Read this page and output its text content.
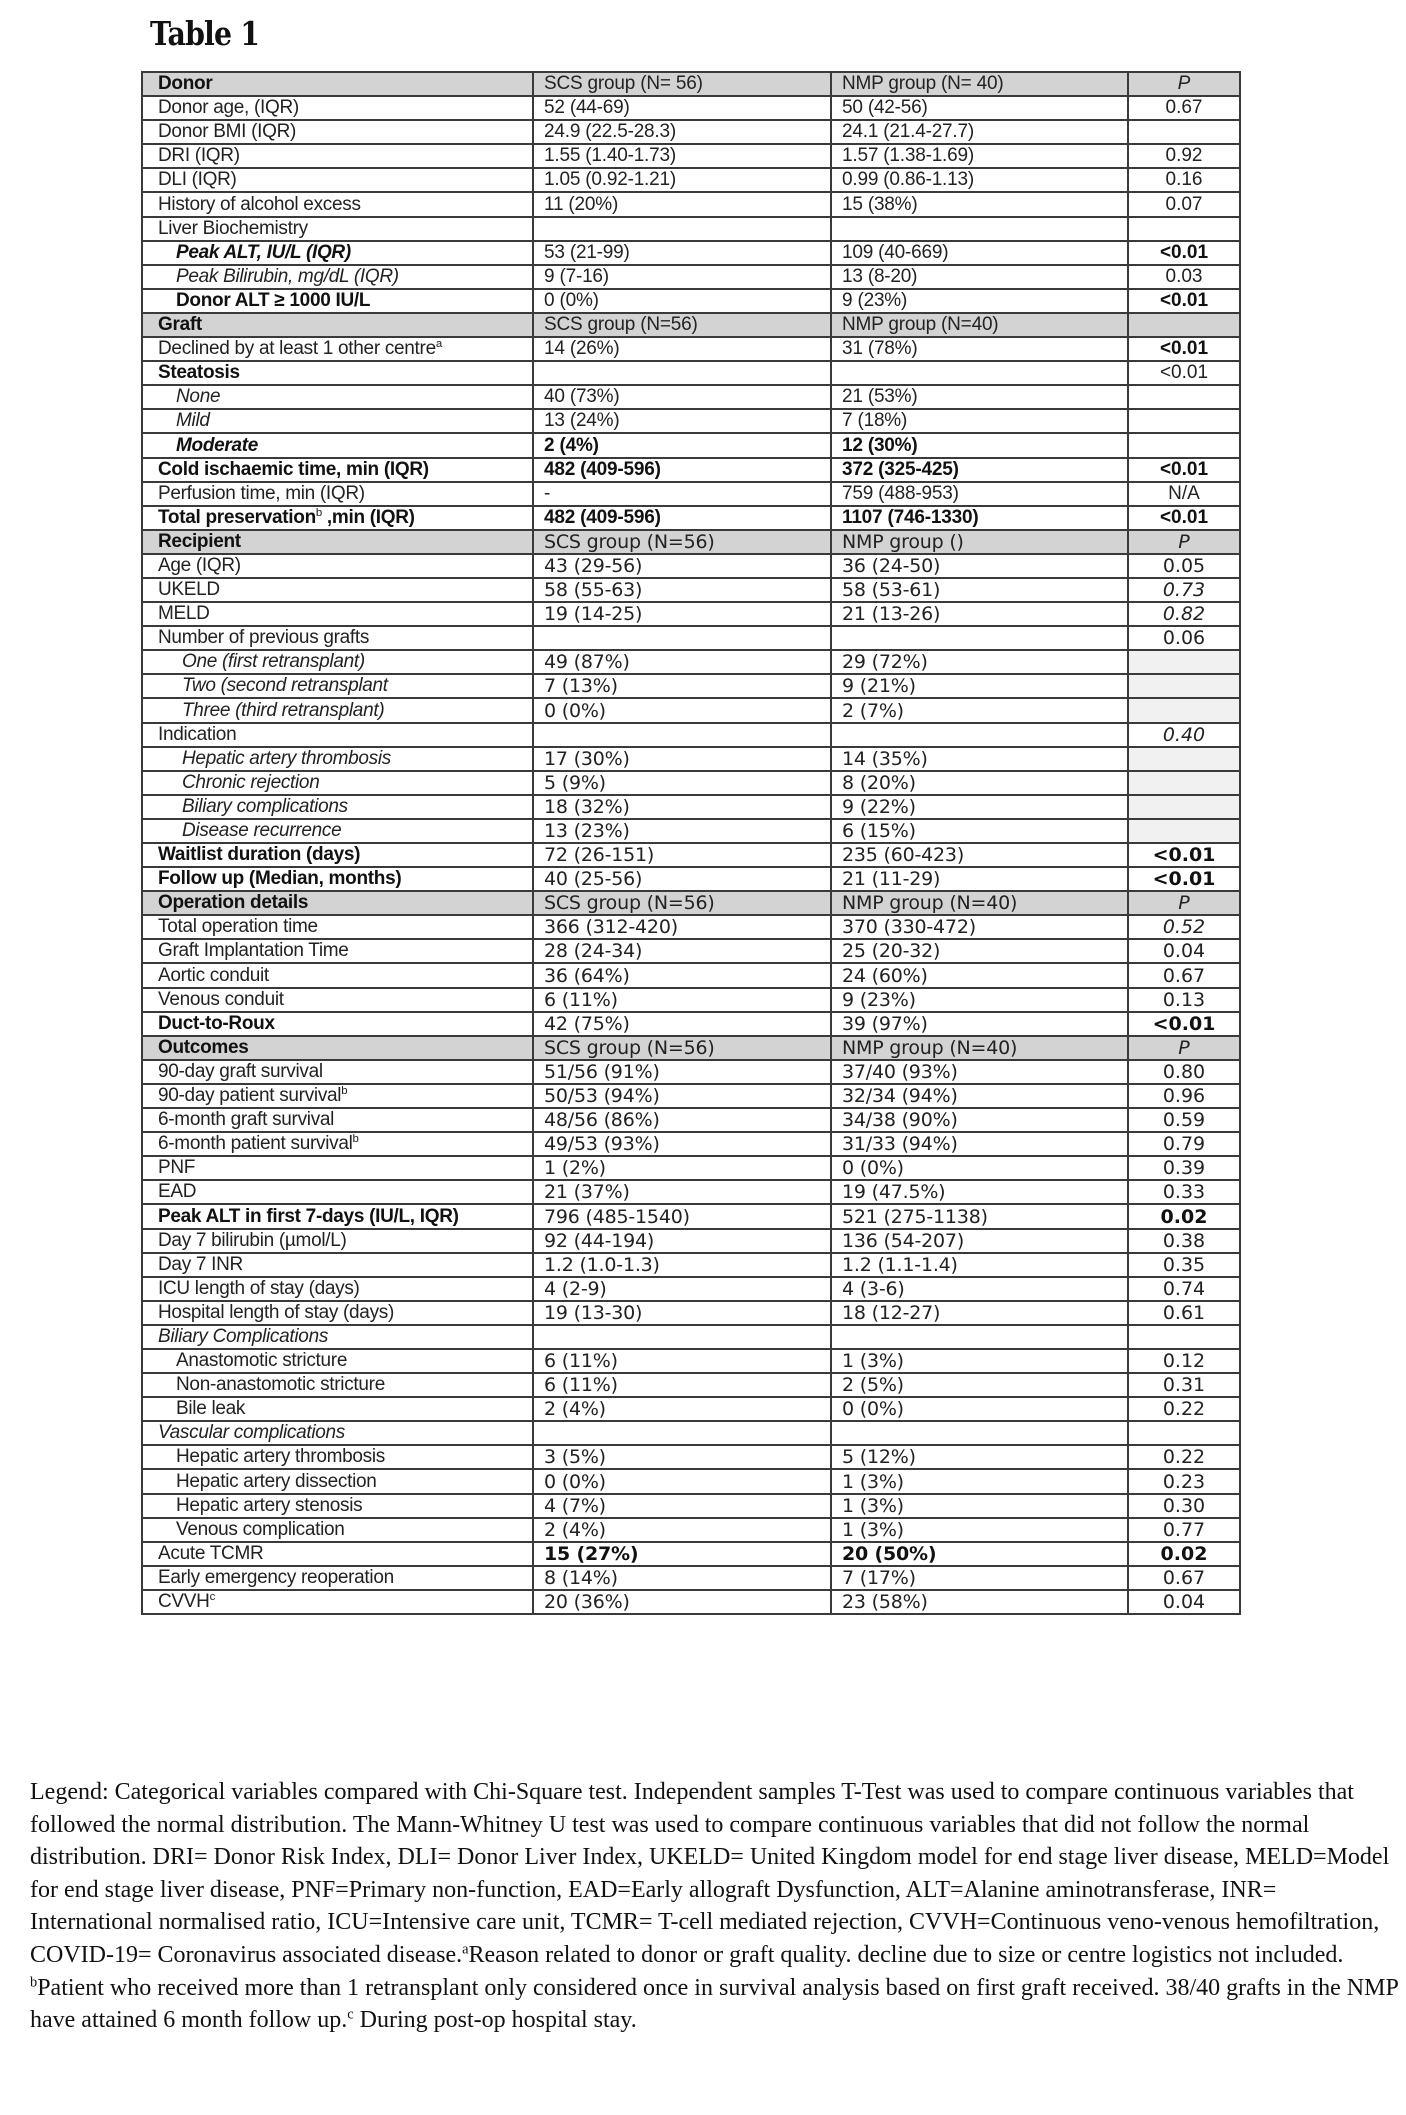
Table 1
Donor	SCS group (N= 56)	NMP group (N= 40)	P
Donor age, (IQR)	52 (44-69)	50 (42-56)	0.67
Donor BMI (IQR)	24.9 (22.5-28.3)	24.1 (21.4-27.7)	
DRI (IQR)	1.55 (1.40-1.73)	1.57 (1.38-1.69)	0.92
DLI (IQR)	1.05 (0.92-1.21)	0.99 (0.86-1.13)	0.16
History of alcohol excess	11 (20%)	15 (38%)	0.07
Liver Biochemistry			
Peak ALT, IU/L (IQR)	53 (21-99)	109 (40-669)	<0.01
Peak Bilirubin, mg/dL (IQR)	9 (7-16)	13 (8-20)	0.03
Donor ALT ≥ 1000 IU/L	0 (0%)	9 (23%)	<0.01
Graft	SCS group (N=56)	NMP group (N=40)	
Declined by at least 1 other centre$^a$	14 (26%)	31 (78%)	<0.01
Steatosis			<0.01
None	40 (73%)	21 (53%)	
Mild	13 (24%)	7 (18%)	
Moderate	2 (4%)	12 (30%)	
Cold ischaemic time, min (IQR)	482 (409-596)	372 (325-425)	<0.01
Perfusion time, min (IQR)	-	759 (488-953)	N/A
Total preservation$^b$ ,min (IQR)	482 (409-596)	1107 (746-1330)	<0.01
Recipient	SCS group (N=56)	NMP group ()	P
Age (IQR)	43 (29-56)	36 (24-50)	0.05
UKELD	58 (55-63)	58 (53-61)	0.73
MELD	19 (14-25)	21 (13-26)	0.82
Number of previous grafts			0.06
One (first retransplant)	49 (87%)	29 (72%)	
Two (second retransplant	7 (13%)	9 (21%)	
Three (third retransplant)	0 (0%)	2 (7%)	
Indication			0.40
Hepatic artery thrombosis	17 (30%)	14 (35%)	
Chronic rejection	5 (9%)	8 (20%)	
Biliary complications	18 (32%)	9 (22%)	
Disease recurrence	13 (23%)	6 (15%)	
Waitlist duration (days)	72 (26-151)	235 (60-423)	<0.01
Follow up (Median, months)	40 (25-56)	21 (11-29)	<0.01
Operation details	SCS group (N=56)	NMP group (N=40)	P
Total operation time	366 (312-420)	370 (330-472)	0.52
Graft Implantation Time	28 (24-34)	25 (20-32)	0.04
Aortic conduit	36 (64%)	24 (60%)	0.67
Venous conduit	6 (11%)	9 (23%)	0.13
Duct-to-Roux	42 (75%)	39 (97%)	<0.01
Outcomes	SCS group (N=56)	NMP group (N=40)	P
90-day graft survival	51/56 (91%)	37/40 (93%)	0.80
90-day patient survival$^b$	50/53 (94%)	32/34 (94%)	0.96
6-month graft survival	48/56 (86%)	34/38 (90%)	0.59
6-month patient survival$^b$	49/53 (93%)	31/33 (94%)	0.79
PNF	1 (2%)	0 (0%)	0.39
EAD	21 (37%)	19 (47.5%)	0.33
Peak ALT in first 7-days (IU/L, IQR)	796 (485-1540)	521 (275-1138)	0.02
Day 7 bilirubin (µmol/L)	92 (44-194)	136 (54-207)	0.38
Day 7 INR	1.2 (1.0-1.3)	1.2 (1.1-1.4)	0.35
ICU length of stay (days)	4 (2-9)	4 (3-6)	0.74
Hospital length of stay (days)	19 (13-30)	18 (12-27)	0.61
Biliary Complications			
Anastomotic stricture	6 (11%)	1 (3%)	0.12
Non-anastomotic stricture	6 (11%)	2 (5%)	0.31
Bile leak	2 (4%)	0 (0%)	0.22
Vascular complications			
Hepatic artery thrombosis	3 (5%)	5 (12%)	0.22
Hepatic artery dissection	0 (0%)	1 (3%)	0.23
Hepatic artery stenosis	4 (7%)	1 (3%)	0.30
Venous complication	2 (4%)	1 (3%)	0.77
Acute TCMR	15 (27%)	20 (50%)	0.02
Early emergency reoperation	8 (14%)	7 (17%)	0.67
CVVH$^c$	20 (36%)	23 (58%)	0.04
Legend: Categorical variables compared with Chi-Square test. Independent samples T-Test was used to compare continuous variables that followed the normal distribution. The Mann-Whitney U test was used to compare continuous variables that did not follow the normal distribution. DRI= Donor Risk Index, DLI= Donor Liver Index, UKELD= United Kingdom model for end stage liver disease, MELD=Model for end stage liver disease, PNF=Primary non-function, EAD=Early allograft Dysfunction, ALT=Alanine aminotransferase, INR= International normalised ratio, ICU=Intensive care unit, TCMR= T-cell mediated rejection, CVVH=Continuous veno-venous hemofiltration, COVID-19= Coronavirus associated disease.$^a$Reason related to donor or graft quality. decline due to size or centre logistics not included. $^b$Patient who received more than 1 retransplant only considered once in survival analysis based on first graft received. 38/40 grafts in the NMP have attained 6 month follow up.$^c$ During post-op hospital stay.
